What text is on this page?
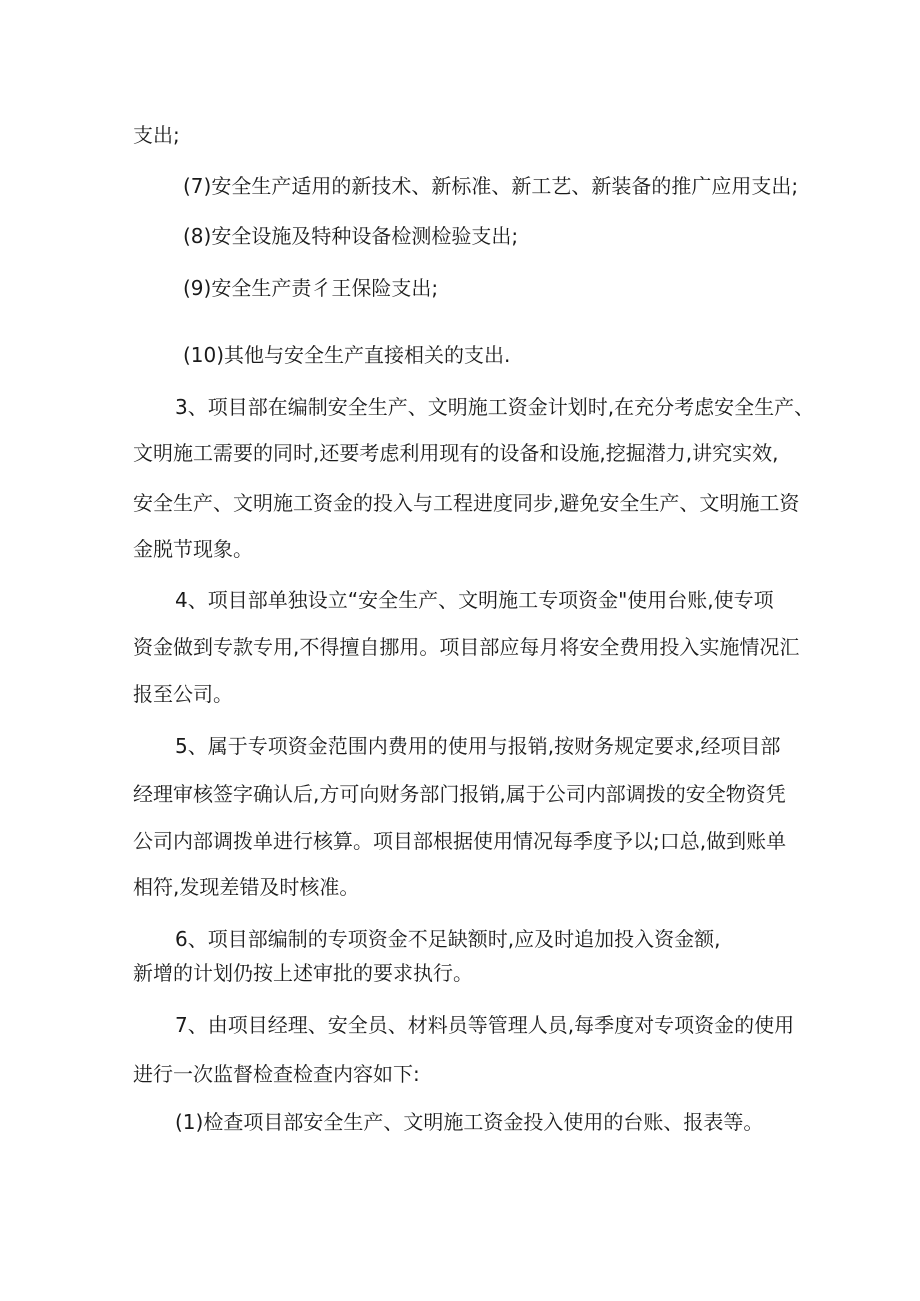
支出;
(7)安全生产适用的新技术、新标准、新工艺、新装备的推广应用支出;
(8)安全设施及特种设备检测检验支出;
(9)安全生产责彳王保险支出;
(10)其他与安全生产直接相关的支出.
3、项目部在编制安全生产、文明施工资金计划时,在充分考虑安全生产、
文明施工需要的同时,还要考虑利用现有的设备和设施,挖掘潜力,讲究实效,
安全生产、文明施工资金的投入与工程进度同步,避免安全生产、文明施工资
金脱节现象。
4、项目部单独设立“安全生产、文明施工专项资金"使用台账,使专项
资金做到专款专用,不得擅自挪用。项目部应每月将安全费用投入实施情况汇
报至公司。
5、属于专项资金范围内费用的使用与报销,按财务规定要求,经项目部
经理审核签字确认后,方可向财务部门报销,属于公司内部调拨的安全物资凭
公司内部调拨单进行核算。项目部根据使用情况每季度予以;口总,做到账单
相符,发现差错及时核准。
6、项目部编制的专项资金不足缺额时,应及时追加投入资金额,
新增的计划仍按上述审批的要求执行。
7、由项目经理、安全员、材料员等管理人员,每季度对专项资金的使用
进行一次监督检查检查内容如下:
(1)检查项目部安全生产、文明施工资金投入使用的台账、报表等。
